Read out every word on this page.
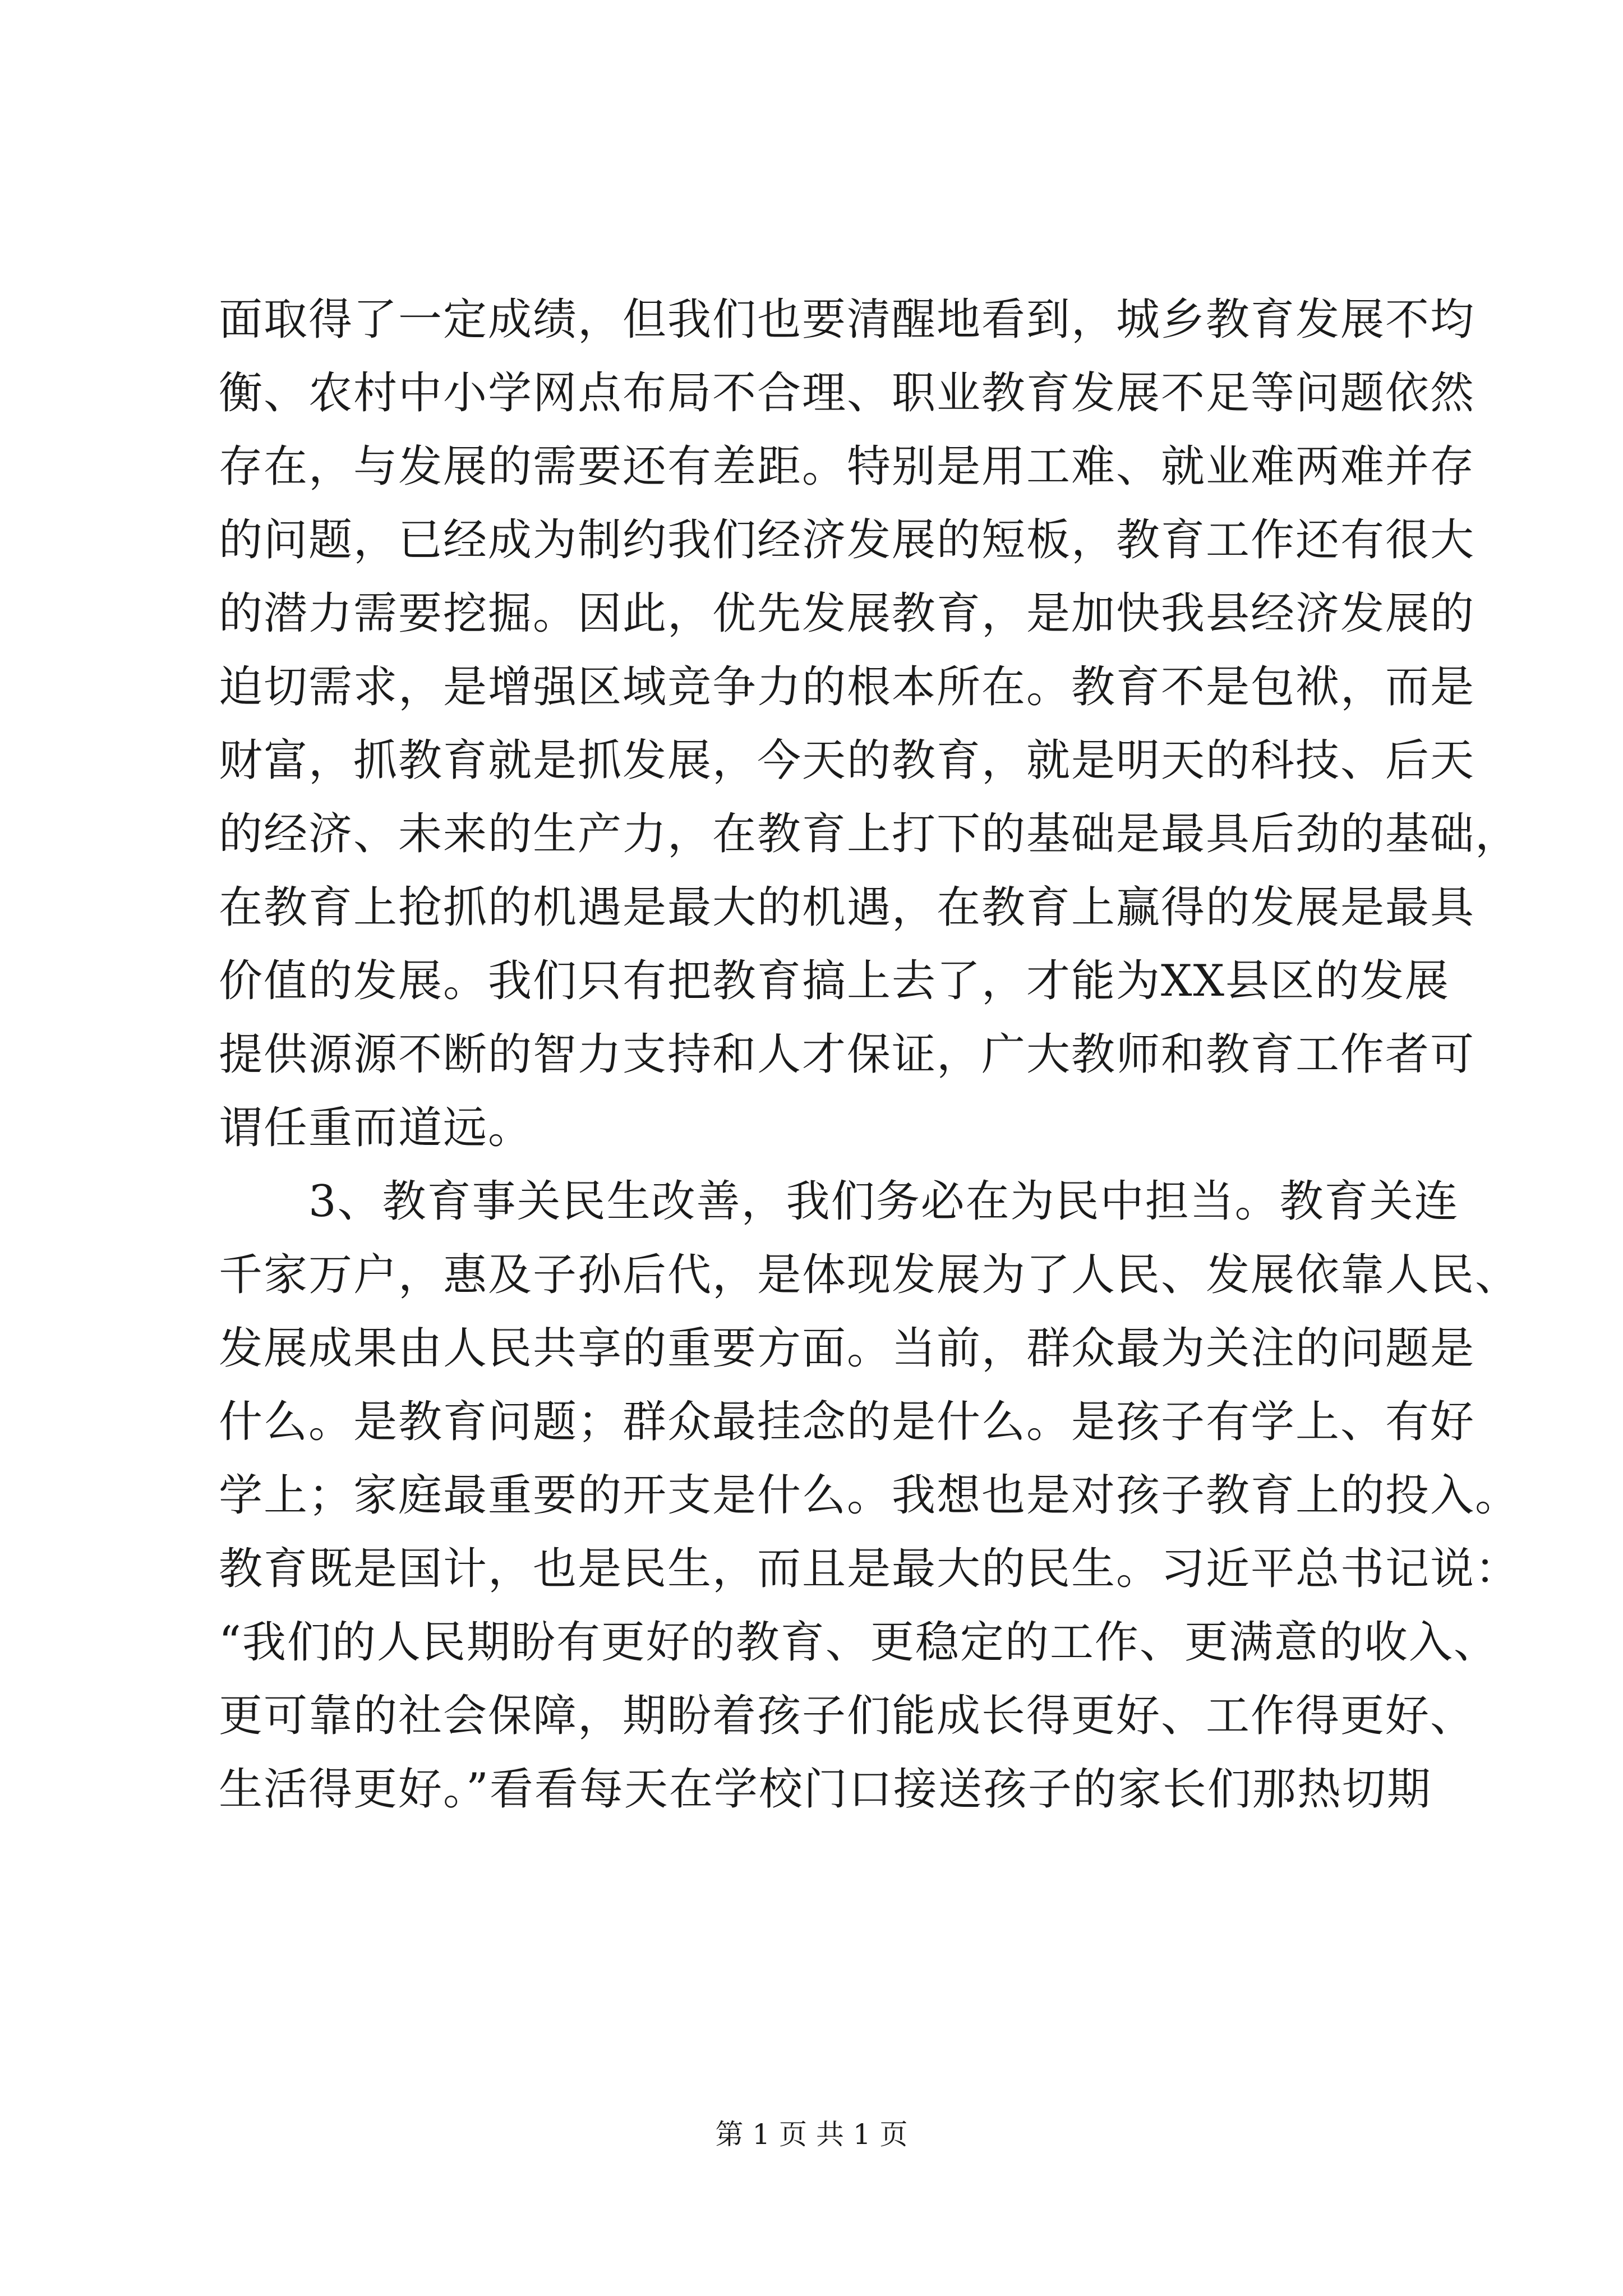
面取得了一定成绩，但我们也要清醒地看到，城乡教育发展不均
衡、农村中小学网点布局不合理、职业教育发展不足等问题依然
存在，与发展的需要还有差距。特别是用工难、就业难两难并存
的问题，已经成为制约我们经济发展的短板，教育工作还有很大
的潜力需要挖掘。因此，优先发展教育，是加快我县经济发展的
迫切需求，是增强区域竞争力的根本所在。教育不是包袱，而是
财富，抓教育就是抓发展，今天的教育，就是明天的科技、后天
的经济、未来的生产力，在教育上打下的基础是最具后劲的基础，
在教育上抢抓的机遇是最大的机遇，在教育上赢得的发展是最具
价值的发展。我们只有把教育搞上去了，才能为XX县区的发展
提供源源不断的智力支持和人才保证，广大教师和教育工作者可
谓任重而道远。
3、教育事关民生改善，我们务必在为民中担当。教育关连
千家万户，惠及子孙后代，是体现发展为了人民、发展依靠人民、
发展成果由人民共享的重要方面。当前，群众最为关注的问题是
什么。是教育问题；群众最挂念的是什么。是孩子有学上、有好
学上；家庭最重要的开支是什么。我想也是对孩子教育上的投入。
教育既是国计，也是民生，而且是最大的民生。习近平总书记说：
“我们的人民期盼有更好的教育、更稳定的工作、更满意的收入、
更可靠的社会保障，期盼着孩子们能成长得更好、工作得更好、
生活得更好。”看看每天在学校门口接送孩子的家长们那热切期
第 1 页 共 1 页
